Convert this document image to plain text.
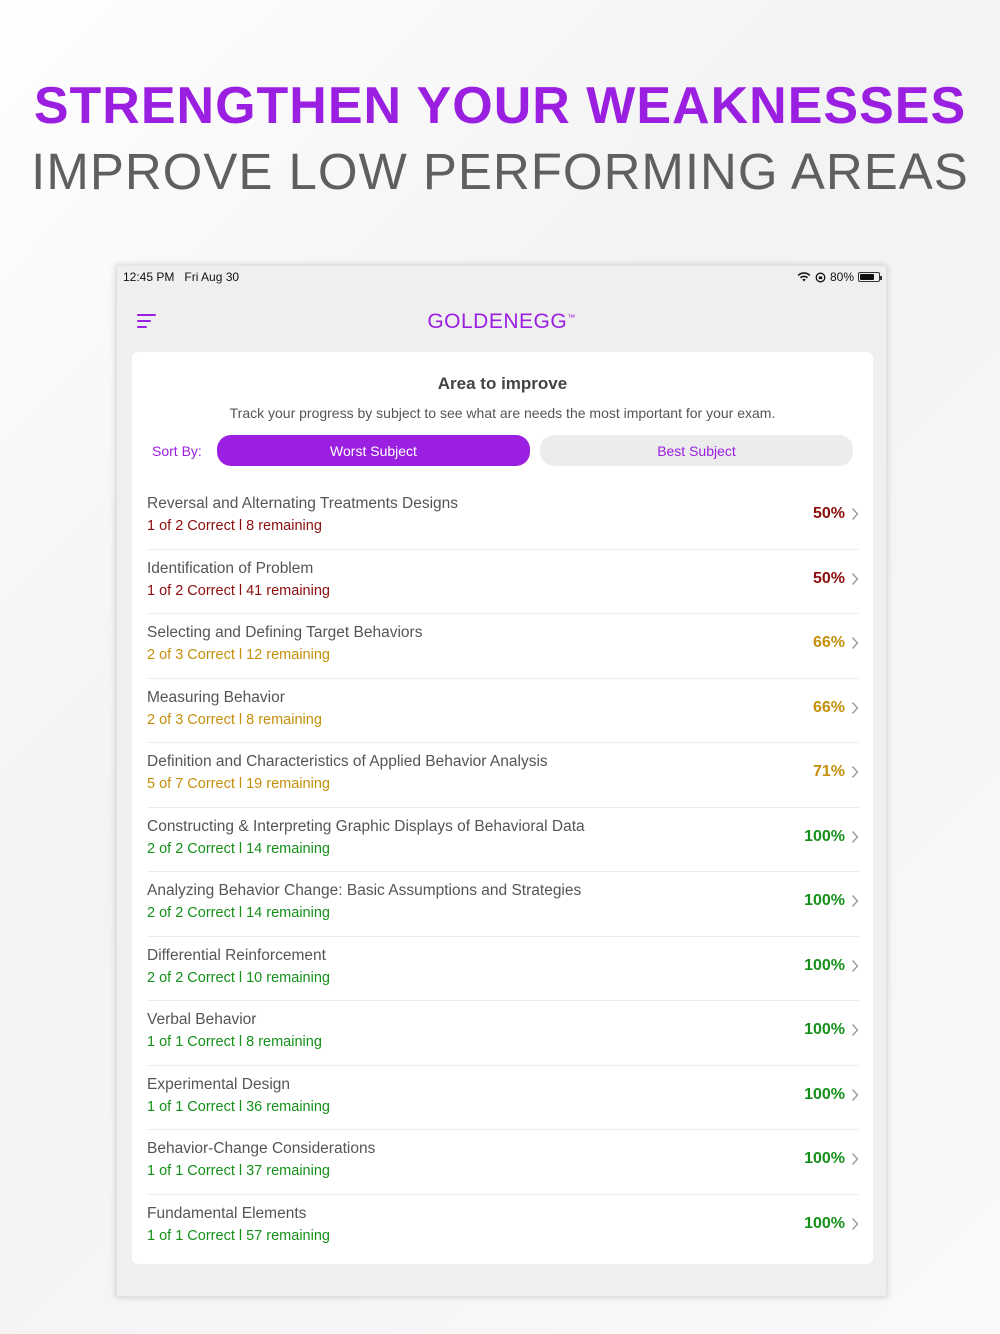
STRENGTHEN YOUR WEAKNESSES
IMPROVE LOW PERFORMING AREAS
12:45 PM Fri Aug 30	80%
GOLDENEGG™
Area to improve
Track your progress by subject to see what are needs the most important for your exam.
Sort By:	Worst Subject	Best Subject
Reversal and Alternating Treatments Designs
1 of 2 Correct l 8 remaining
50%
Identification of Problem
1 of 2 Correct l 41 remaining
50%
Selecting and Defining Target Behaviors
2 of 3 Correct l 12 remaining
66%
Measuring Behavior
2 of 3 Correct l 8 remaining
66%
Definition and Characteristics of Applied Behavior Analysis
5 of 7 Correct l 19 remaining
71%
Constructing & Interpreting Graphic Displays of Behavioral Data
2 of 2 Correct l 14 remaining
100%
Analyzing Behavior Change: Basic Assumptions and Strategies
2 of 2 Correct l 14 remaining
100%
Differential Reinforcement
2 of 2 Correct l 10 remaining
100%
Verbal Behavior
1 of 1 Correct l 8 remaining
100%
Experimental Design
1 of 1 Correct l 36 remaining
100%
Behavior-Change Considerations
1 of 1 Correct l 37 remaining
100%
Fundamental Elements
1 of 1 Correct l 57 remaining
100%
